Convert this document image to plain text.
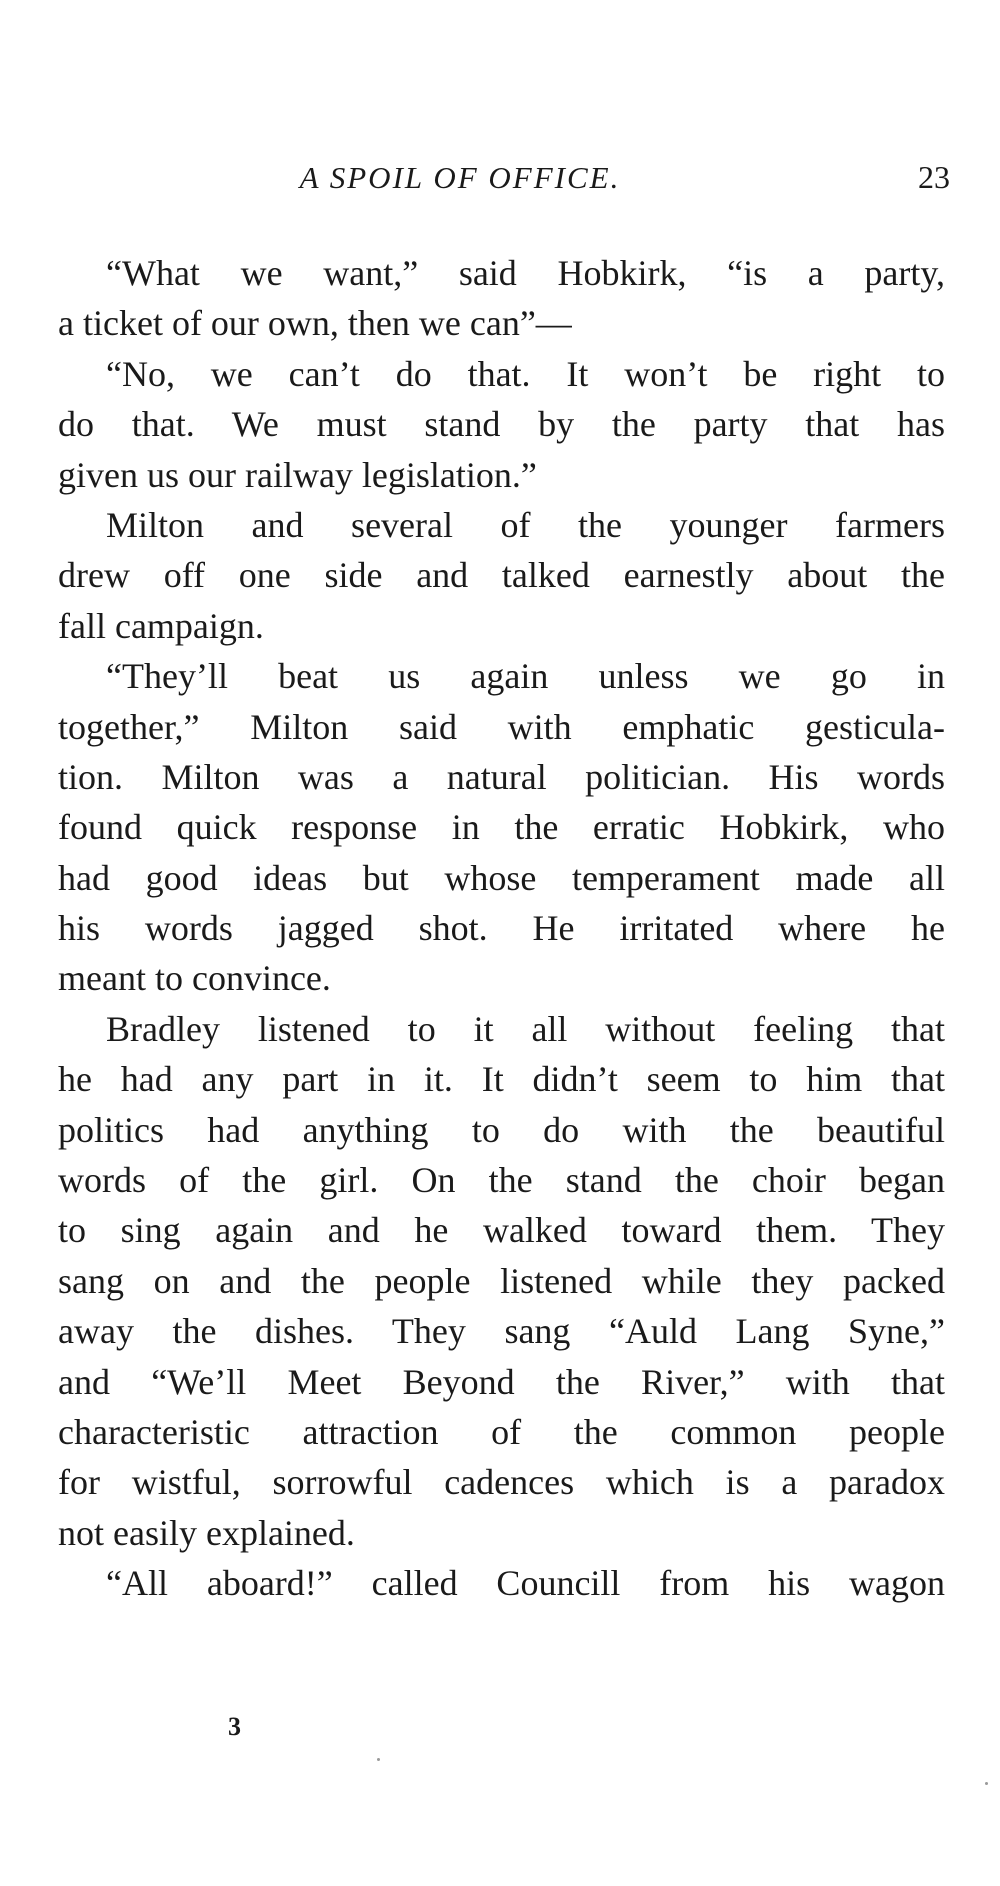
A SPOIL OF OFFICE.	23
“What we want,” said Hobkirk, “is a party,
a ticket of our own, then we can”—
“No, we can’t do that. It won’t be right to
do that. We must stand by the party that has
given us our railway legislation.”
Milton and several of the younger farmers
drew off one side and talked earnestly about the
fall campaign.
“They’ll beat us again unless we go in
together,” Milton said with emphatic gesticula-
tion. Milton was a natural politician. His words
found quick response in the erratic Hobkirk, who
had good ideas but whose temperament made all
his words jagged shot. He irritated where he
meant to convince.
Bradley listened to it all without feeling that
he had any part in it. It didn’t seem to him that
politics had anything to do with the beautiful
words of the girl. On the stand the choir began
to sing again and he walked toward them. They
sang on and the people listened while they packed
away the dishes. They sang “Auld Lang Syne,”
and “We’ll Meet Beyond the River,” with that
characteristic attraction of the common people
for wistful, sorrowful cadences which is a paradox
not easily explained.
“All aboard!” called Councill from his wagon
3
